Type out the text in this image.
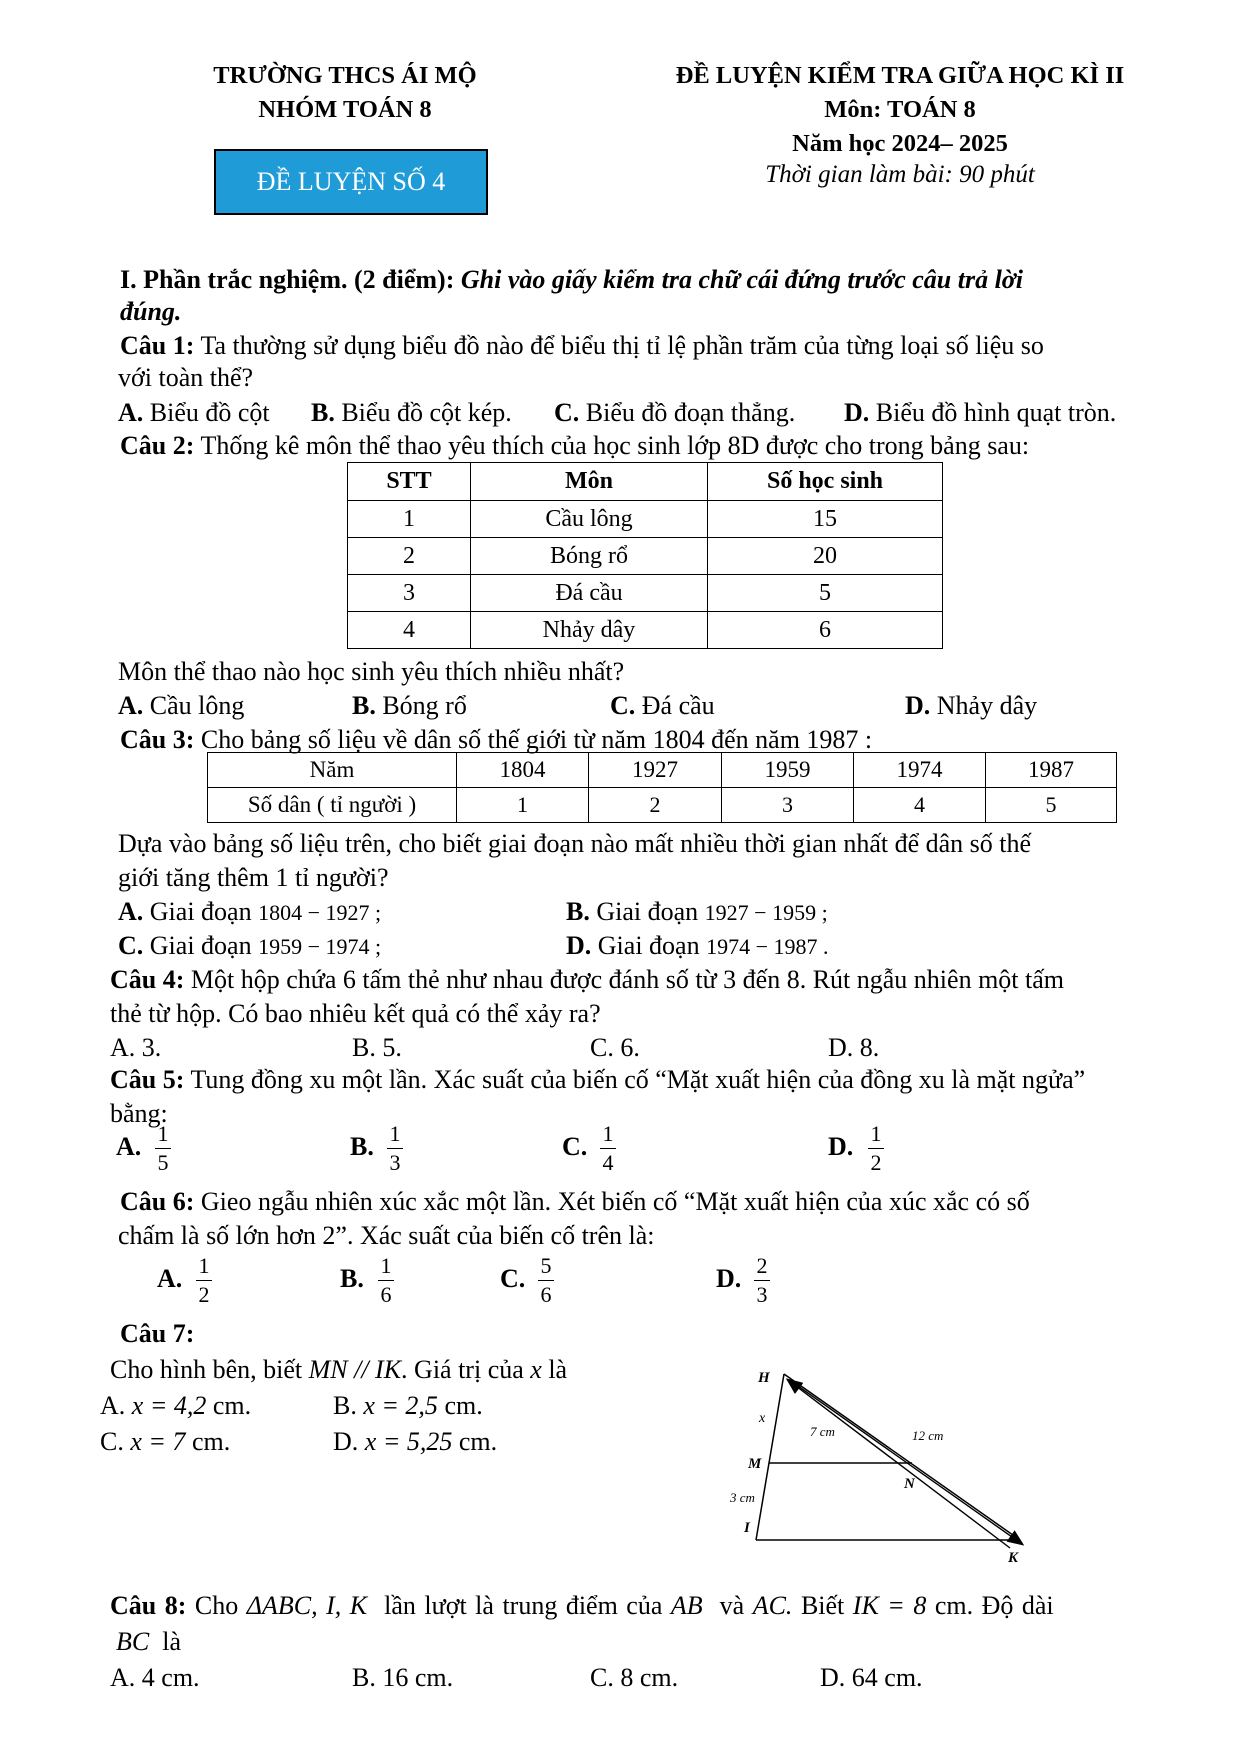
TRƯỜNG THCS ÁI MỘ
NHÓM TOÁN 8
ĐỀ LUYỆN SỐ 4
ĐỀ LUYỆN KIỂM TRA GIỮA HỌC KÌ II
Môn: TOÁN 8
Năm học 2024– 2025
Thời gian làm bài: 90 phút
I. Phần trắc nghiệm. (2 điểm): Ghi vào giấy kiểm tra chữ cái đứng trước câu trả lời
đúng.
Câu 1: Ta thường sử dụng biểu đồ nào để biểu thị tỉ lệ phần trăm của từng loại số liệu so
với toàn thể?
A. Biểu đồ cột B. Biểu đồ cột kép. C. Biểu đồ đoạn thẳng. D. Biểu đồ hình quạt tròn.
Câu 2: Thống kê môn thể thao yêu thích của học sinh lớp 8D được cho trong bảng sau:
STT	Môn	Số học sinh
1	Cầu lông	15
2	Bóng rổ	20
3	Đá cầu	5
4	Nhảy dây	6
Môn thể thao nào học sinh yêu thích nhiều nhất?
A. Cầu lông	B. Bóng rổ	C. Đá cầu	D. Nhảy dây
Câu 3: Cho bảng số liệu về dân số thế giới từ năm 1804 đến năm 1987 :
Năm	1804	1927	1959	1974	1987
Số dân ( tỉ người )	1	2	3	4	5
Dựa vào bảng số liệu trên, cho biết giai đoạn nào mất nhiều thời gian nhất để dân số thế
giới tăng thêm 1 tỉ người?
A. Giai đoạn 1804 − 1927 ;	B. Giai đoạn 1927 − 1959 ;
C. Giai đoạn 1959 − 1974 ;	D. Giai đoạn 1974 − 1987 .
Câu 4: Một hộp chứa 6 tấm thẻ như nhau được đánh số từ 3 đến 8. Rút ngẫu nhiên một tấm
thẻ từ hộp. Có bao nhiêu kết quả có thể xảy ra?
A. 3.	B. 5.	C. 6.	D. 8.
Câu 5: Tung đồng xu một lần. Xác suất của biến cố “Mặt xuất hiện của đồng xu là mặt ngửa”
bằng:
A. 1
5
B. 1
3
C. 1
4
D. 1
2
Câu 6: Gieo ngẫu nhiên xúc xắc một lần. Xét biến cố “Mặt xuất hiện của xúc xắc có số
chấm là số lớn hơn 2”. Xác suất của biến cố trên là:
A. 1
2
B. 1
6
C. 5
6
D. 2
3
Câu 7:
Cho hình bên, biết MN // IK. Giá trị của x là
A. x = 4,2 cm.	B. x = 2,5 cm.
C. x = 7 cm.	D. x = 5,25 cm.
H
M
N
I
K
x
3 cm
7 cm	12 cm
Câu 8: Cho ΔABC, I, K lần lượt là trung điểm của AB và AC. Biết IK = 8 cm. Độ dài
BC là
A. 4 cm.	B. 16 cm.	C. 8 cm.	D. 64 cm.
